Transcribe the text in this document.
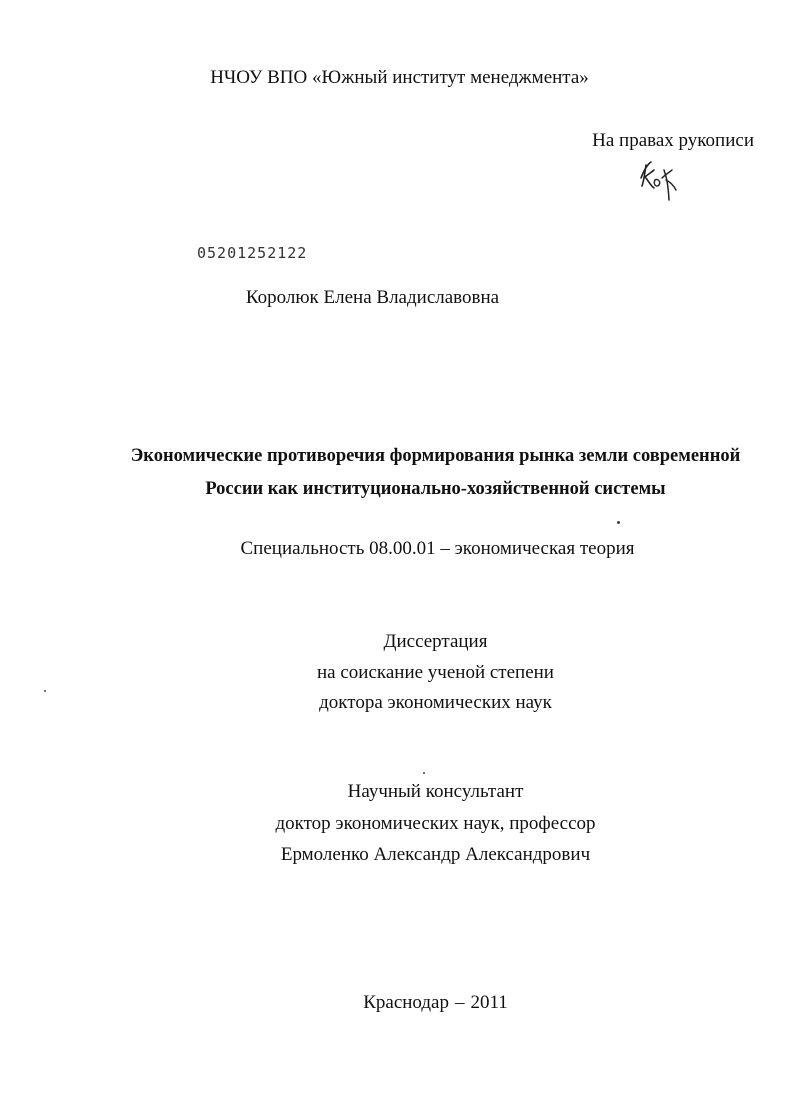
НЧОУ ВПО «Южный институт менеджмента»
На правах рукописи
05201252122
Королюк Елена Владиславовна
Экономические противоречия формирования рынка земли современной
России как институционально-хозяйственной системы
Специальность 08.00.01 – экономическая теория
Диссертация
на соискание ученой степени
доктора экономических наук
Научный консультант
доктор экономических наук, профессор
Ермоленко Александр Александрович
Краснодар – 2011
